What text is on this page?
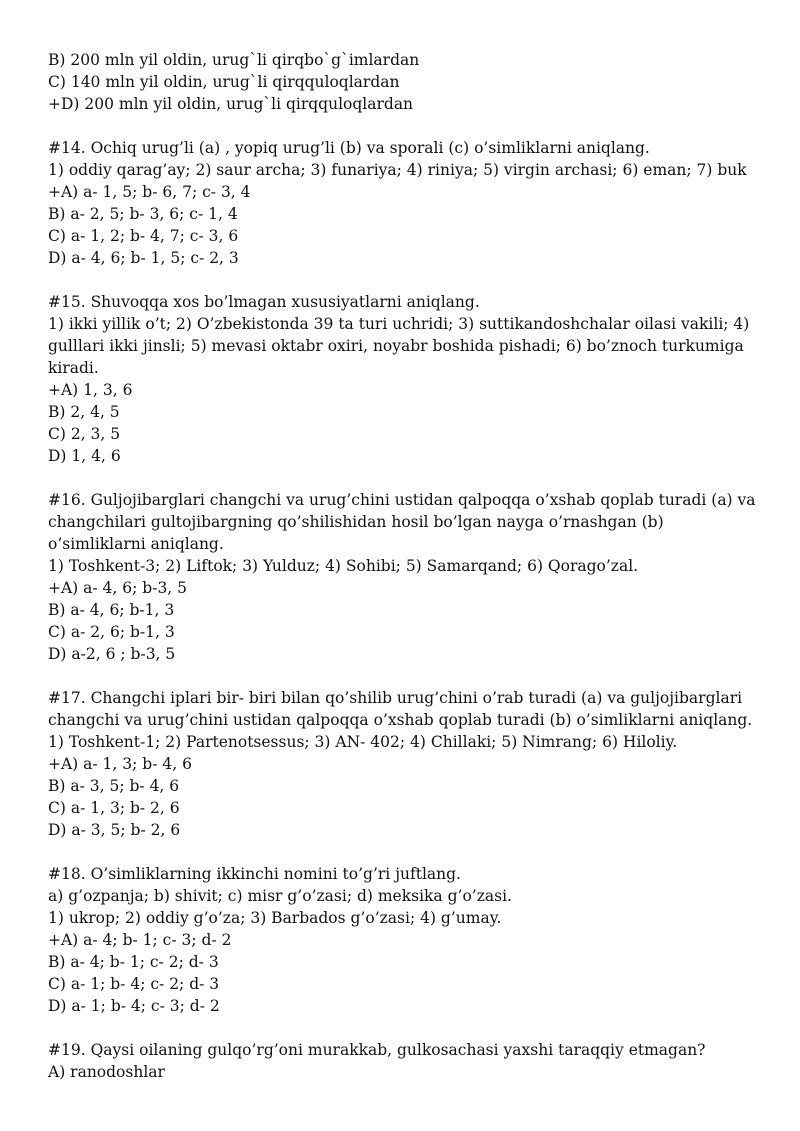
B) 200 mln yil oldin, urug`li qirqbo`g`imlardan
C) 140 mln yil oldin, urug`li qirqquloqlardan
+D) 200 mln yil oldin, urug`li qirqquloqlardan
#14. Ochiq urug’li (a) , yopiq urug’li (b) va sporali (c) o’simliklarni aniqlang.
1) oddiy qarag’ay; 2) saur archa; 3) funariya; 4) riniya; 5) virgin archasi; 6) eman; 7) buk
+A) a- 1, 5; b- 6, 7; c- 3, 4
B) a- 2, 5; b- 3, 6; c- 1, 4
C) a- 1, 2; b- 4, 7; c- 3, 6
D) a- 4, 6; b- 1, 5; c- 2, 3
#15. Shuvoqqa xos bo’lmagan xususiyatlarni aniqlang.
1) ikki yillik o’t; 2) O’zbekistonda 39 ta turi uchridi; 3) suttikandoshchalar oilasi vakili; 4) gulllari ikki jinsli; 5) mevasi oktabr oxiri, noyabr boshida pishadi; 6) bo’znoch turkumiga kiradi.
+A) 1, 3, 6
B) 2, 4, 5
C) 2, 3, 5
D) 1, 4, 6
#16. Guljojibarglari changchi va urug’chini ustidan qalpoqqa o’xshab qoplab turadi (a) va changchilari gultojibargning qo’shilishidan hosil bo’lgan nayga o’rnashgan (b) o’simliklarni aniqlang.
1) Toshkent-3; 2) Liftok; 3) Yulduz; 4) Sohibi; 5) Samarqand; 6) Qorago’zal.
+A) a- 4, 6; b-3, 5
B) a- 4, 6; b-1, 3
C) a- 2, 6; b-1, 3
D) a-2, 6 ; b-3, 5
#17. Changchi iplari bir- biri bilan qo’shilib urug’chini o’rab turadi (a) va guljojibarglari changchi va urug’chini ustidan qalpoqqa o’xshab qoplab turadi (b) o’simliklarni aniqlang.
1) Toshkent-1; 2) Partenotsessus; 3) AN- 402; 4) Chillaki; 5) Nimrang; 6) Hiloliy.
+A) a- 1, 3; b- 4, 6
B) a- 3, 5; b- 4, 6
C) a- 1, 3; b- 2, 6
D) a- 3, 5; b- 2, 6
#18. O’simliklarning ikkinchi nomini to’g’ri juftlang.
a) g’ozpanja; b) shivit; c) misr g’o’zasi; d) meksika g’o’zasi.
1) ukrop; 2) oddiy g’o’za; 3) Barbados g’o’zasi; 4) g’umay.
+A) a- 4; b- 1; c- 3; d- 2
B) a- 4; b- 1; c- 2; d- 3
C) a- 1; b- 4; c- 2; d- 3
D) a- 1; b- 4; c- 3; d- 2
#19. Qaysi oilaning gulqo’rg’oni murakkab, gulkosachasi yaxshi taraqqiy etmagan?
A) ranodoshlar
